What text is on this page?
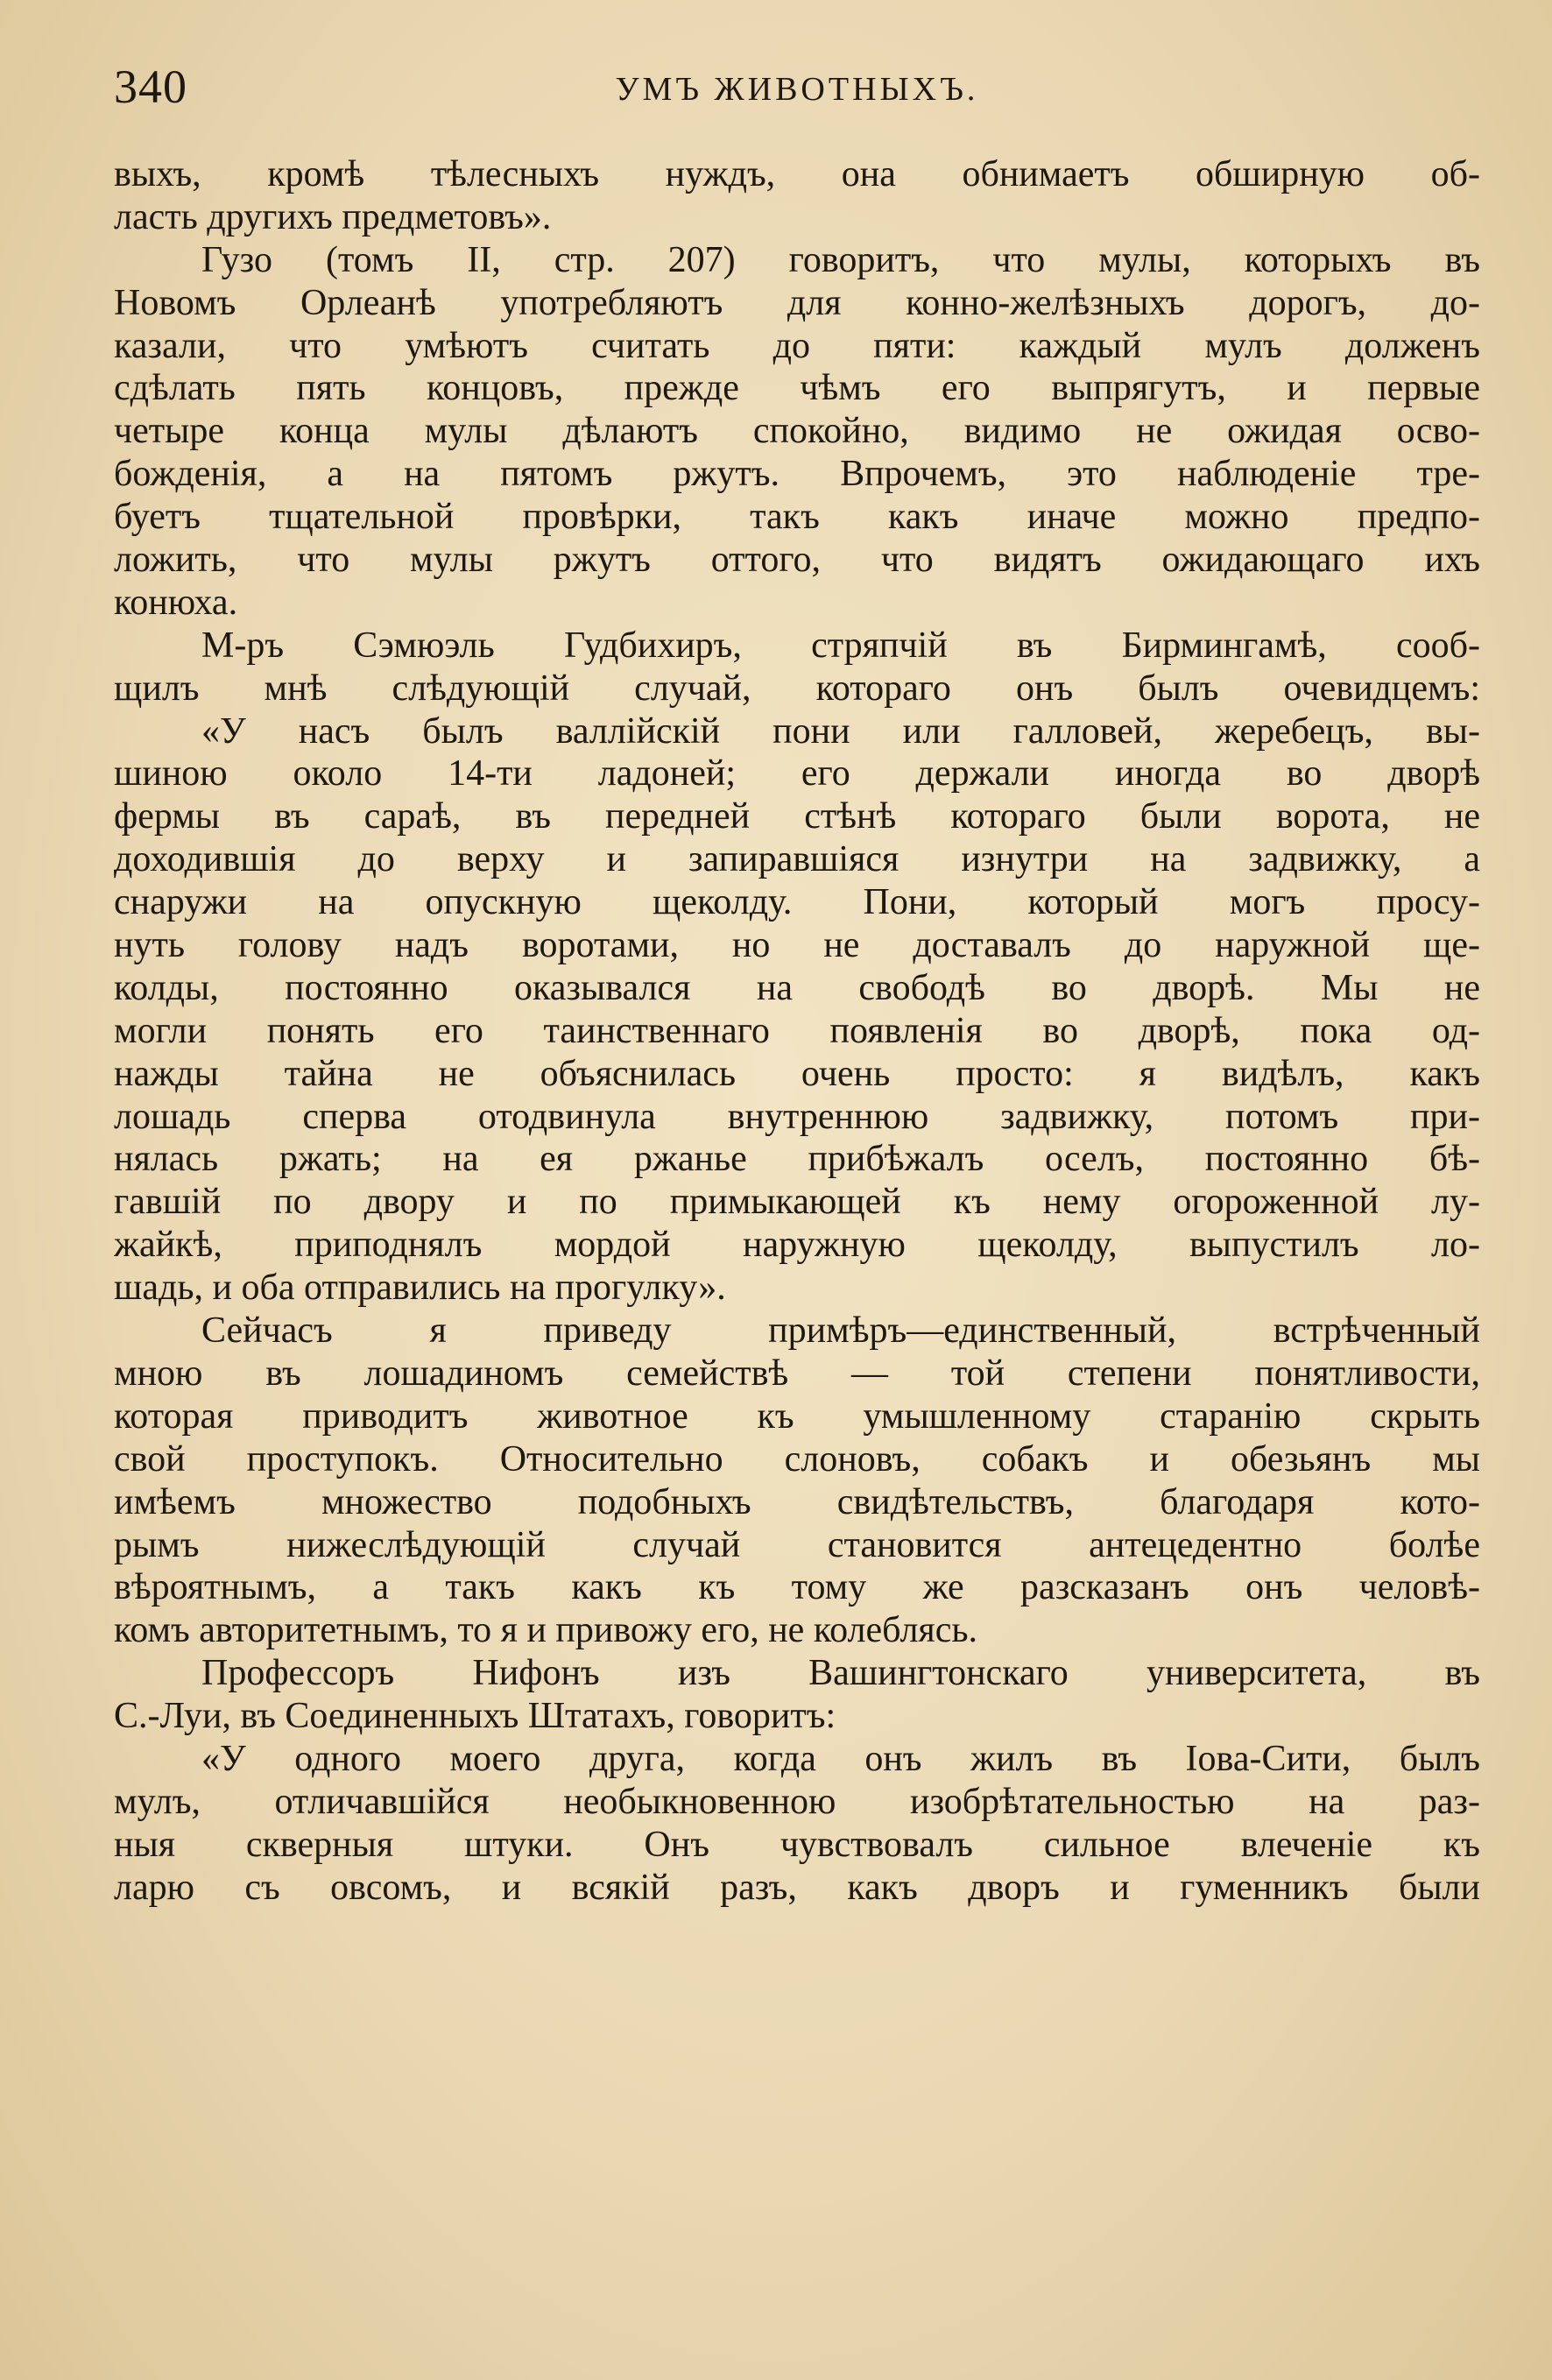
340	УМЪ ЖИВОТНЫХЪ.
выхъ, кромѣ тѣлесныхъ нуждъ, она обнимаетъ обширную об-
ласть другихъ предметовъ».
Гузо (томъ II, стр. 207) говоритъ, что мулы, которыхъ въ
Новомъ Орлеанѣ употребляютъ для конно-желѣзныхъ дорогъ, до-
казали, что умѣютъ считать до пяти: каждый мулъ долженъ
сдѣлать пять концовъ, прежде чѣмъ его выпрягутъ, и первые
четыре конца мулы дѣлаютъ спокойно, видимо не ожидая осво-
божденія, а на пятомъ ржутъ. Впрочемъ, это наблюденіе тре-
буетъ тщательной провѣрки, такъ какъ иначе можно предпо-
ложить, что мулы ржутъ оттого, что видятъ ожидающаго ихъ
конюха.
М-ръ Сэмюэль Гудбихиръ, стряпчій въ Бирмингамѣ, сооб-
щилъ мнѣ слѣдующій случай, котораго онъ былъ очевидцемъ:
«У насъ былъ валлійскій пони или галловей, жеребецъ, вы-
шиною около 14-ти ладоней; его держали иногда во дворѣ
фермы въ сараѣ, въ передней стѣнѣ котораго были ворота, не
доходившія до верху и запиравшіяся изнутри на задвижку, а
снаружи на опускную щеколду. Пони, который могъ просу-
нуть голову надъ воротами, но не доставалъ до наружной ще-
колды, постоянно оказывался на свободѣ во дворѣ. Мы не
могли понять его таинственнаго появленія во дворѣ, пока од-
нажды тайна не объяснилась очень просто: я видѣлъ, какъ
лошадь сперва отодвинула внутреннюю задвижку, потомъ при-
нялась ржать; на ея ржанье прибѣжалъ оселъ, постоянно бѣ-
гавшій по двору и по примыкающей къ нему огороженной лу-
жайкѣ, приподнялъ мордой наружную щеколду, выпустилъ ло-
шадь, и оба отправились на прогулку».
Сейчасъ я приведу примѣръ—единственный, встрѣченный
мною въ лошадиномъ семействѣ — той степени понятливости,
которая приводитъ животное къ умышленному старанію скрыть
свой проступокъ. Относительно слоновъ, собакъ и обезьянъ мы
имѣемъ множество подобныхъ свидѣтельствъ, благодаря кото-
рымъ нижеслѣдующій случай становится антецедентно болѣе
вѣроятнымъ, а такъ какъ къ тому же разсказанъ онъ человѣ-
комъ авторитетнымъ, то я и привожу его, не колеблясь.
Профессоръ Нифонъ изъ Вашингтонскаго университета, въ
С.-Луи, въ Соединенныхъ Штатахъ, говоритъ:
«У одного моего друга, когда онъ жилъ въ Іова-Сити, былъ
мулъ, отличавшійся необыкновенною изобрѣтательностью на раз-
ныя скверныя штуки. Онъ чувствовалъ сильное влеченіе къ
ларю съ овсомъ, и всякій разъ, какъ дворъ и гуменникъ были
